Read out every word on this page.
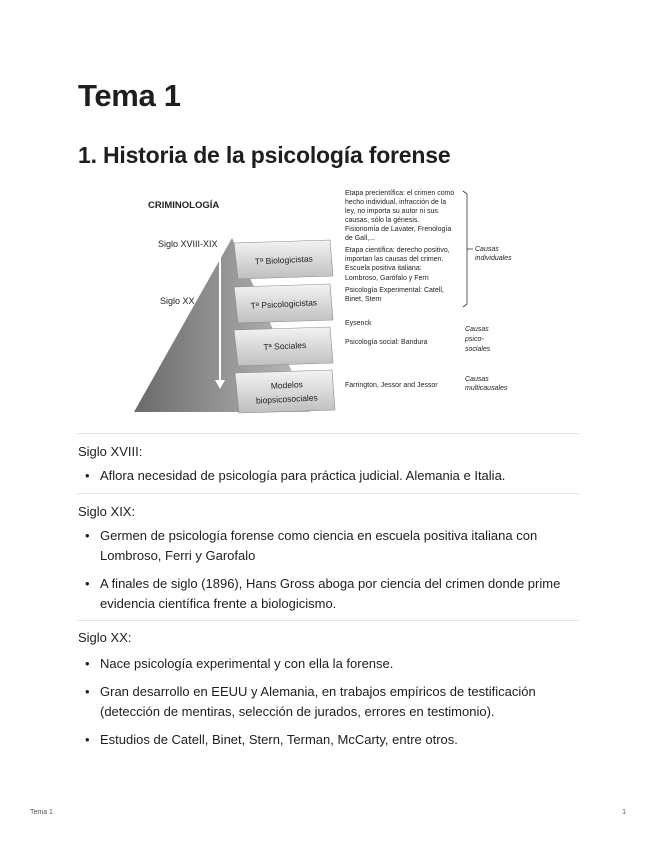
Tema 1
1. Historia de la psicología forense
CRIMINOLOGÍA
Siglo XVIII-XIX
Siglo XX
Tª Biologicistas
Tª Psicologicistas
Tª Sociales
Modelos
biopsicosociales
Etapa precientífica: el crimen como
hecho individual, infracción de la
ley, no importa su autor ni sus
causas, sólo la génesis.
Fisionomía de Lavater, Frenología
de Gall,...
Etapa científica: derecho positivo,
importan las causas del crimen.
Escuela positiva italiana:
Lombroso, Garófalo y Ferri
Psicología Experimental: Catell,
Binet, Stern
Eysenck
Psicología social: Bandura
Farrington, Jessor and Jessor
Causas
individuales
Causas
psico-
sociales
Causas
multicausales

Siglo XVIII:

• Aflora necesidad de psicología para práctica judicial. Alemania e Italia.

Siglo XIX:

• Germen de psicología forense como ciencia en escuela positiva italiana con Lombroso, Ferri y Garofalo
• A finales de siglo (1896), Hans Gross aboga por ciencia del crimen donde prime evidencia científica frente a biologicismo.

Siglo XX:

• Nace psicología experimental y con ella la forense.
• Gran desarrollo en EEUU y Alemania, en trabajos empíricos de testificación (detección de mentiras, selección de jurados, errores en testimonio).
• Estudios de Catell, Binet, Stern, Terman, McCarty, entre otros.
Tema 1	1
